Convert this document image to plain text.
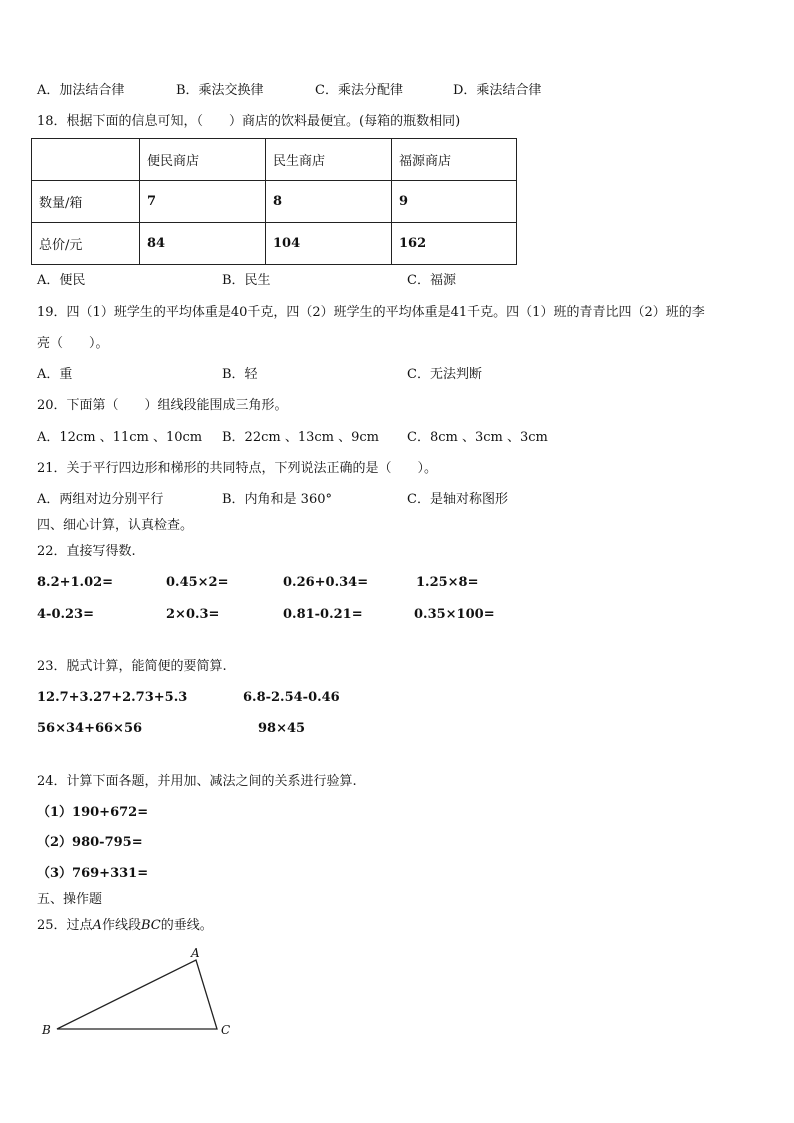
A．加法结合律	B．乘法交换律	C．乘法分配律	D．乘法结合律
18．根据下面的信息可知，（　　）商店的饮料最便宜。(每箱的瓶数相同)
	便民商店	民生商店	福源商店
数量/箱	7	8	9
总价/元	84	104	162
A．便民	B．民生	C．福源
19．四（1）班学生的平均体重是40千克，四（2）班学生的平均体重是41千克。四（1）班的青青比四（2）班的李
亮（　　）。
A．重	B．轻	C．无法判断
20．下面第（　　）组线段能围成三角形。
A．12cm 、11cm 、10cm B．22cm 、13cm 、9cm C．8cm 、3cm 、3cm
21．关于平行四边形和梯形的共同特点，下列说法正确的是（　　）。
A．两组对边分别平行	B．内角和是 360°	C．是轴对称图形
四、细心计算，认真检查。
22．直接写得数.
8.2+1.02=	0.45×2=	0.26+0.34=	1.25×8=
4-0.23=	2×0.3=	0.81-0.21=	0.35×100=
23．脱式计算，能简便的要简算.
12.7+3.27+2.73+5.3	6.8-2.54-0.46
56×34+66×56	98×45
24．计算下面各题，并用加、减法之间的关系进行验算.
（1）190+672=
（2）980-795=
（3）769+331=
五、操作题
25．过点A作线段BC的垂线。
A
B	C
